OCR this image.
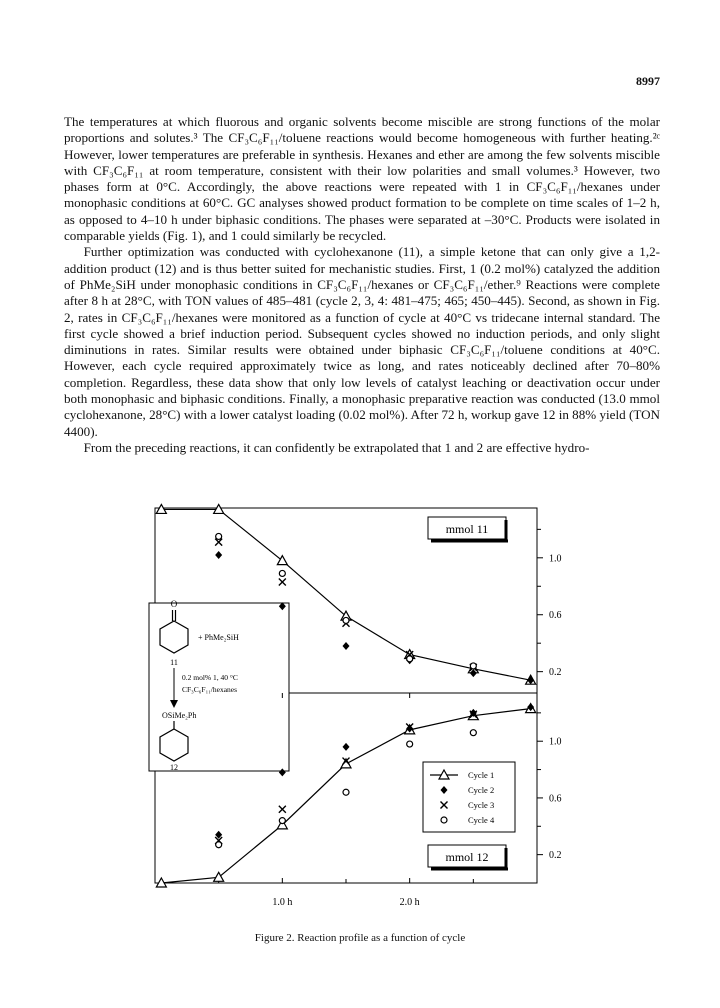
8997

The temperatures at which fluorous and organic solvents become miscible are strong functions of the molar proportions and solutes.³ The CF₃C₆F₁₁/toluene reactions would become homogeneous with further heating.²ᶜ However, lower temperatures are preferable in synthesis. Hexanes and ether are among the few solvents miscible with CF₃C₆F₁₁ at room temperature, consistent with their low polarities and small volumes.³ However, two phases form at 0°C. Accordingly, the above reactions were repeated with 1 in CF₃C₆F₁₁/hexanes under monophasic conditions at 60°C. GC analyses showed product formation to be complete on time scales of 1–2 h, as opposed to 4–10 h under biphasic conditions. The phases were separated at –30°C. Products were isolated in comparable yields (Fig. 1), and 1 could similarly be recycled.

Further optimization was conducted with cyclohexanone (11), a simple ketone that can only give a 1,2-addition product (12) and is thus better suited for mechanistic studies. First, 1 (0.2 mol%) catalyzed the addition of PhMe₂SiH under monophasic conditions in CF₃C₆F₁₁/hexanes or CF₃C₆F₁₁/ether.⁹ Reactions were complete after 8 h at 28°C, with TON values of 485–481 (cycle 2, 3, 4: 481–475; 465; 450–445). Second, as shown in Fig. 2, rates in CF₃C₆F₁₁/hexanes were monitored as a function of cycle at 40°C vs tridecane internal standard. The first cycle showed a brief induction period. Subsequent cycles showed no induction periods, and only slight diminutions in rates. Similar results were obtained under biphasic CF₃C₆F₁₁/toluene conditions at 40°C. However, each cycle required approximately twice as long, and rates noticeably declined after 70–80% completion. Regardless, these data show that only low levels of catalyst leaching or deactivation occur under both monophasic and biphasic conditions. Finally, a monophasic preparative reaction was conducted (13.0 mmol cyclohexanone, 28°C) with a lower catalyst loading (0.02 mol%). After 72 h, workup gave 12 in 88% yield (TON 4400).

From the preceding reactions, it can confidently be extrapolated that 1 and 2 are effective hydro-

O
+ PhMe₂SiH
11
0.2 mol% 1, 40 °C
CF₃C₆F₁₁/hexanes
OSiMe₂Ph
12
mmol 11
mmol 12
Cycle 1
Cycle 2
Cycle 3
Cycle 4
1.0
0.6
0.2
1.0
0.6
0.2
1.0 h	2.0 h
Figure 2. Reaction profile as a function of cycle
